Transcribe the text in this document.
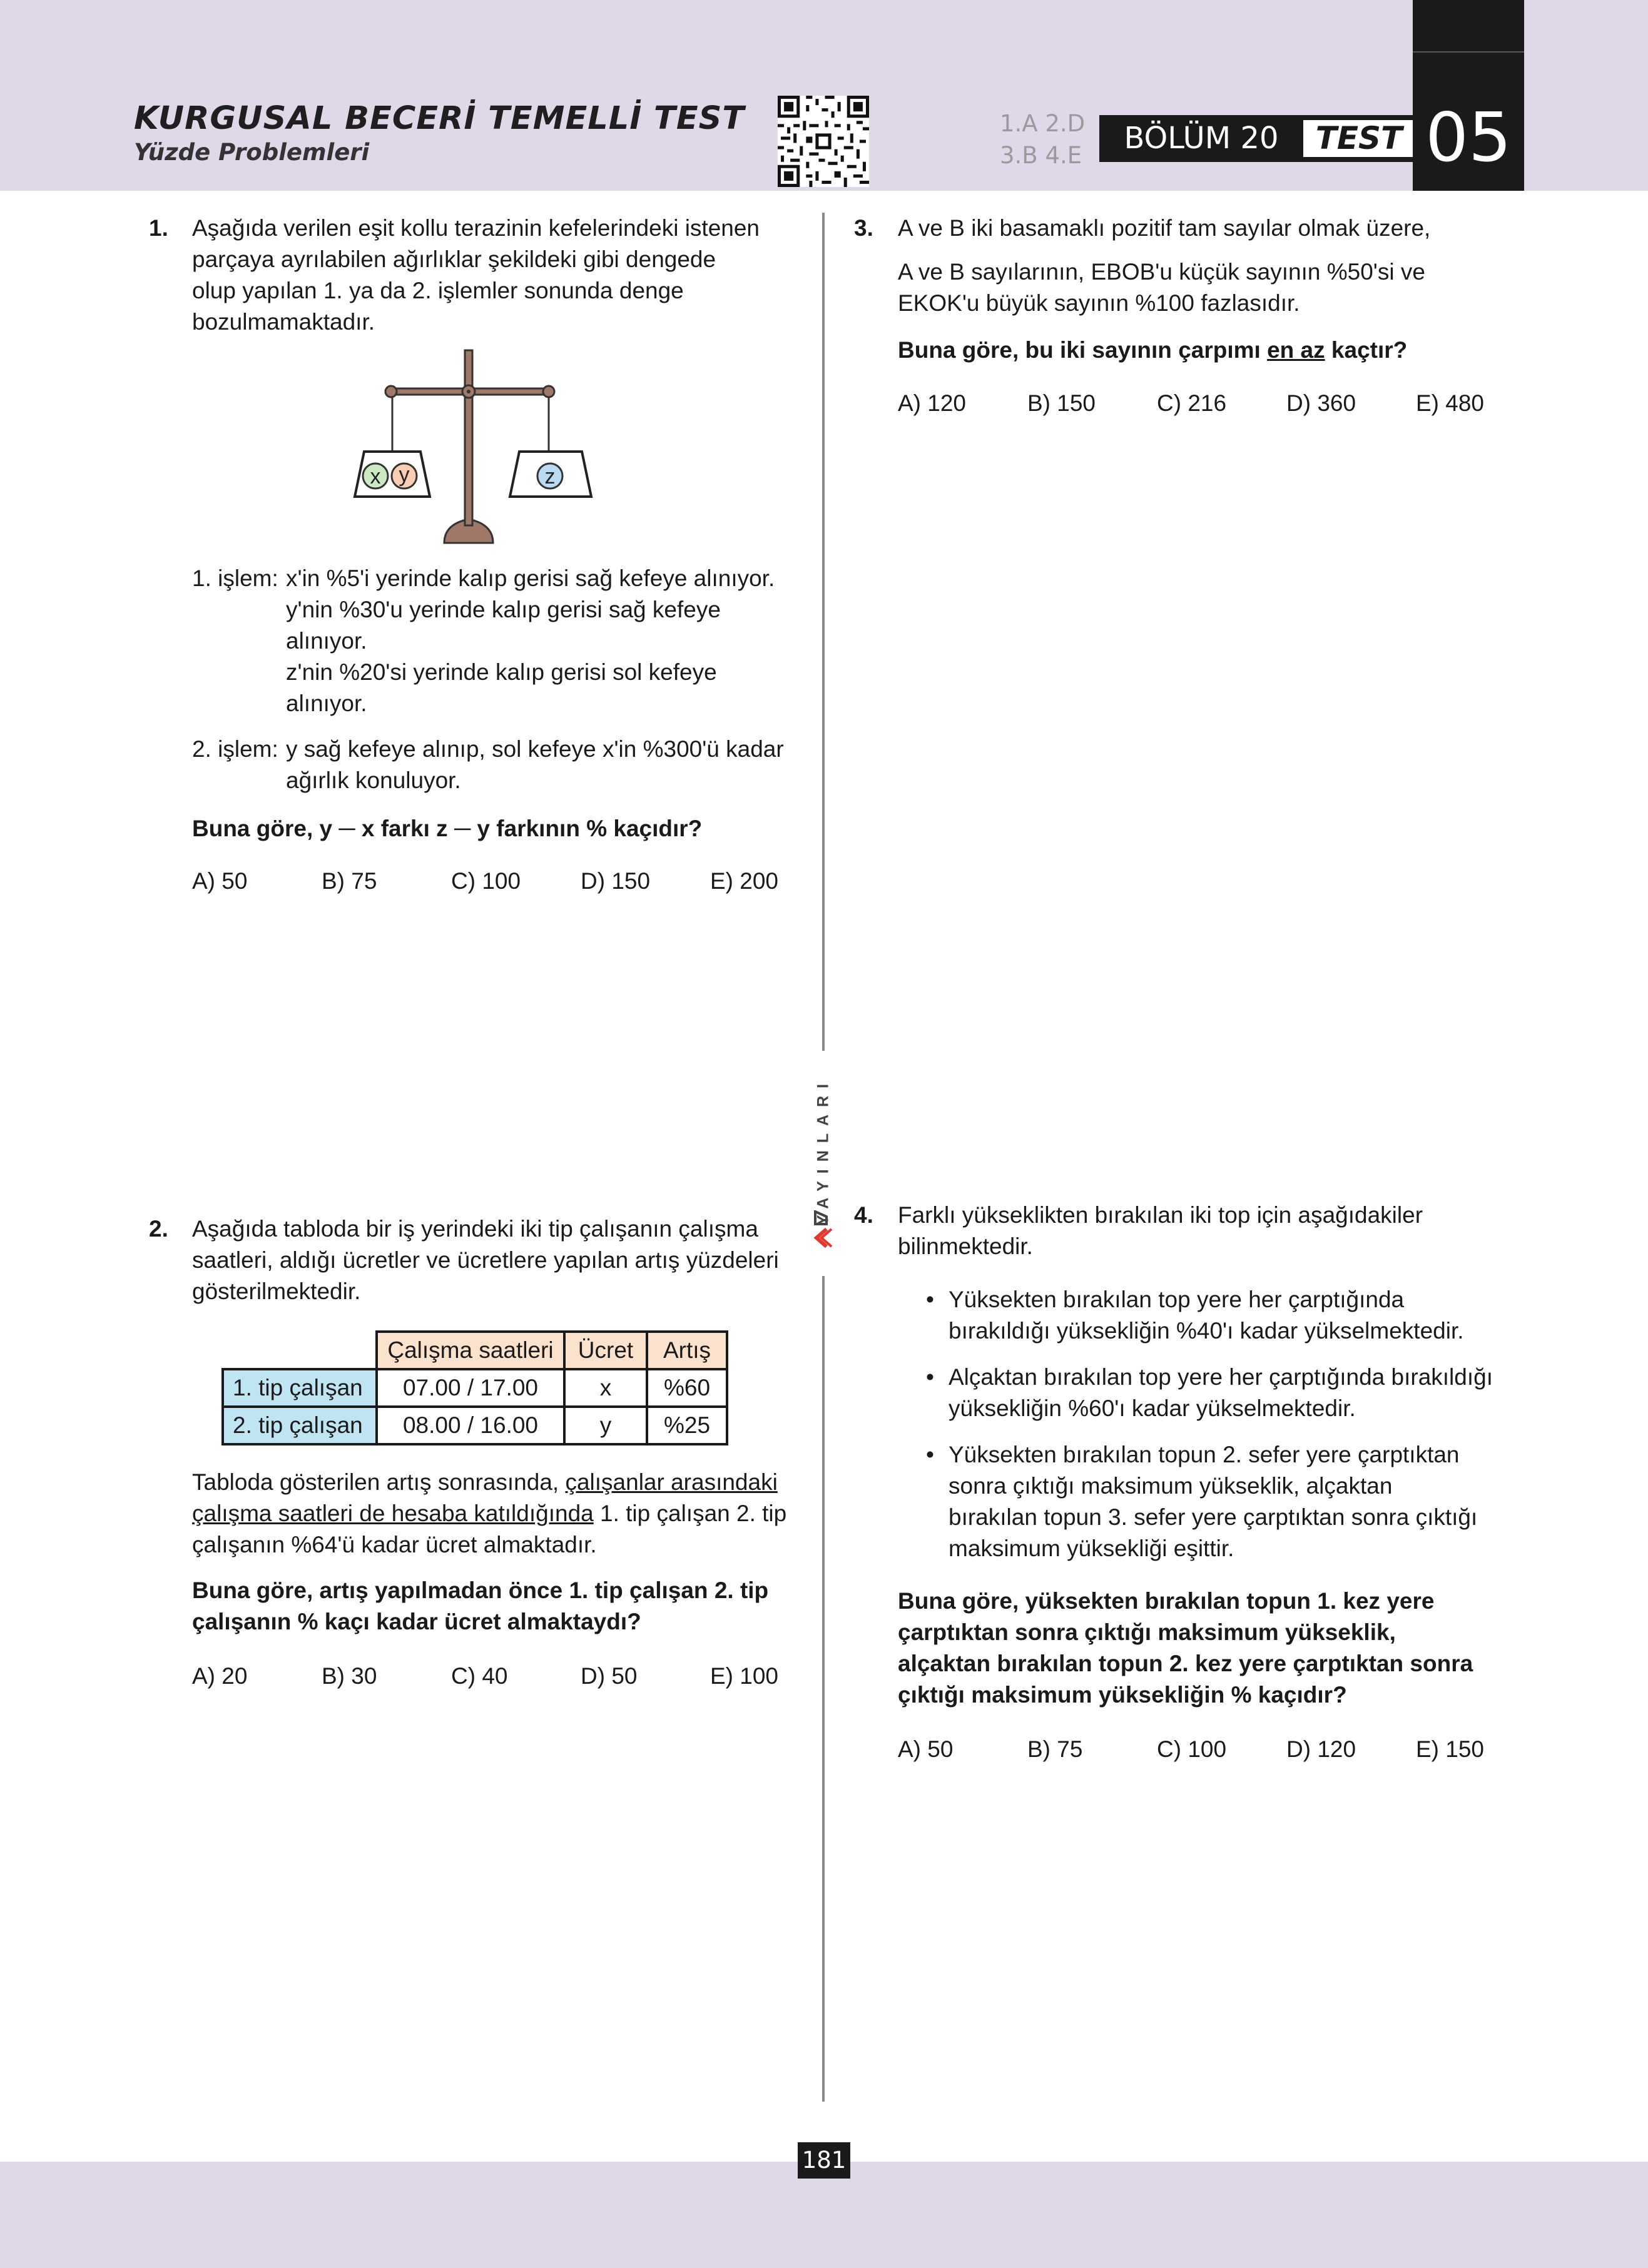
KURGUSAL BECERİ TEMELLİ TEST
Yüzde Problemleri
1.A 2.D
3.B 4.E	BÖLÜM 20	TEST 05
YAYINLARI
1. Aşağıda verilen eşit kollu terazinin kefelerindeki istenen

parçaya ayrılabilen ağırlıklar şekildeki gibi dengede

olup yapılan 1. ya da 2. işlemler sonunda denge

bozulmamaktadır.

x y	z
1. işlem: x'in %5'i yerinde kalıp gerisi sağ kefeye alınıyor.
y'nin %30'u yerinde kalıp gerisi sağ kefeye
alınıyor.
z'nin %20'si yerinde kalıp gerisi sol kefeye
alınıyor.
2. işlem: y sağ kefeye alınıp, sol kefeye x'in %300'ü kadar
ağırlık konuluyor.
Buna göre, y ─ x farkı z ─ y farkının % kaçıdır?
A) 50	B) 75	C) 100	D) 150	E) 200
2. Aşağıda tabloda bir iş yerindeki iki tip çalışanın çalışma

saatleri, aldığı ücretler ve ücretlere yapılan artış yüzdeleri

gösterilmektedir.

	Çalışma saatleri	Ücret	Artış
1. tip çalışan	07.00 / 17.00	x	%60
2. tip çalışan	08.00 / 16.00	y	%25

Tabloda gösterilen artış sonrasında, çalışanlar arasındaki

çalışma saatleri de hesaba katıldığında 1. tip çalışan 2. tip

çalışanın %64'ü kadar ücret almaktadır.

Buna göre, artış yapılmadan önce 1. tip çalışan 2. tip

çalışanın % kaçı kadar ücret almaktaydı?

A) 20	B) 30	C) 40	D) 50	E) 100
3. A ve B iki basamaklı pozitif tam sayılar olmak üzere,

A ve B sayılarının, EBOB'u küçük sayının %50'si ve

EKOK'u büyük sayının %100 fazlasıdır.

Buna göre, bu iki sayının çarpımı en az kaçtır?
A) 120	B) 150	C) 216	D) 360	E) 480
4. Farklı yükseklikten bırakılan iki top için aşağıdakiler

bilinmektedir.

• Yüksekten bırakılan top yere her çarptığında
bırakıldığı yüksekliğin %40'ı kadar yükselmektedir.
• Alçaktan bırakılan top yere her çarptığında bırakıldığı
yüksekliğin %60'ı kadar yükselmektedir.
• Yüksekten bırakılan topun 2. sefer yere çarptıktan
sonra çıktığı maksimum yükseklik, alçaktan
bırakılan topun 3. sefer yere çarptıktan sonra çıktığı
maksimum yüksekliği eşittir.

Buna göre, yüksekten bırakılan topun 1. kez yere

çarptıktan sonra çıktığı maksimum yükseklik,

alçaktan bırakılan topun 2. kez yere çarptıktan sonra

çıktığı maksimum yüksekliğin % kaçıdır?

A) 50	B) 75	C) 100	D) 120	E) 150
181
